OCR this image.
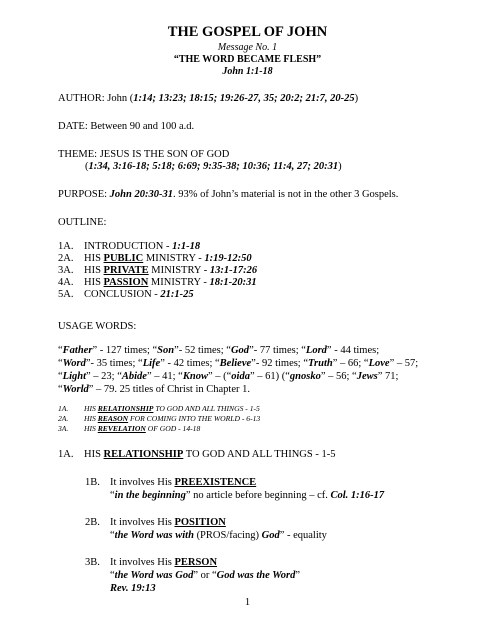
THE GOSPEL OF JOHN
Message No. 1
“THE WORD BECAME FLESH”
John 1:1-18
AUTHOR: John (1:14; 13:23; 18:15; 19:26-27, 35; 20:2; 21:7, 20-25)
DATE: Between 90 and 100 a.d.
THEME: JESUS IS THE SON OF GOD
(1:34, 3:16-18; 5:18; 6:69; 9:35-38; 10:36; 11:4, 27; 20:31)
PURPOSE: John 20:30-31. 93% of John’s material is not in the other 3 Gospels.
OUTLINE:
1A. INTRODUCTION - 1:1-18
2A. HIS PUBLIC MINISTRY - 1:19-12:50
3A. HIS PRIVATE MINISTRY - 13:1-17:26
4A. HIS PASSION MINISTRY - 18:1-20:31
5A. CONCLUSION - 21:1-25
USAGE WORDS:
“Father” - 127 times; “Son”- 52 times; “God”- 77 times; “Lord” - 44 times;
“Word”- 35 times; “Life” - 42 times; “Believe”- 92 times; “Truth” – 66; “Love” – 57;
“Light” – 23; “Abide” – 41; “Know” – (“oida” – 61) (“gnosko” – 56; “Jews” 71;
“World” – 79. 25 titles of Christ in Chapter 1.
1A. HIS RELATIONSHIP TO GOD AND ALL THINGS - 1-5
2A. HIS REASON FOR COMING INTO THE WORLD - 6-13
3A. HIS REVELATION OF GOD - 14-18
1A. HIS RELATIONSHIP TO GOD AND ALL THINGS - 1-5
1B. It involves His PREEXISTENCE
“in the beginning” no article before beginning – cf. Col. 1:16-17
2B. It involves His POSITION
“the Word was with (PROS/facing) God” - equality
3B. It involves His PERSON
“the Word was God” or “God was the Word”
Rev. 19:13
1
